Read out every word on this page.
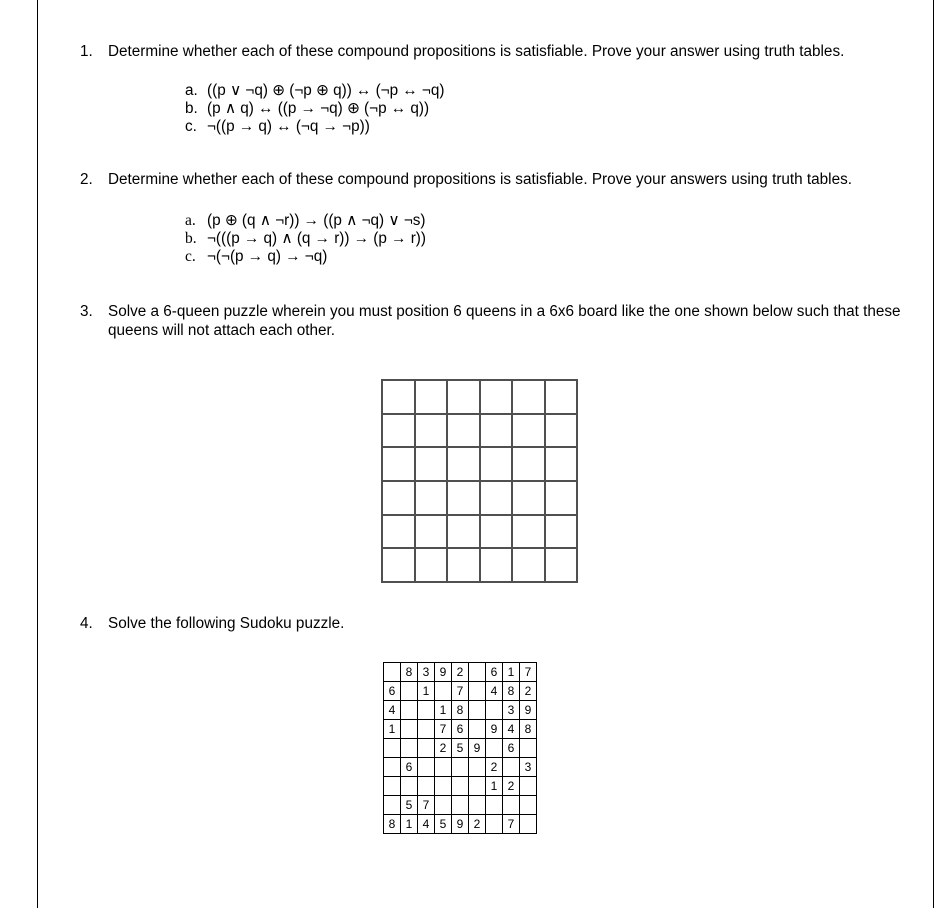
1. Determine whether each of these compound propositions is satisfiable. Prove your answer using truth tables.
a. ((p ∨ ¬q) ⊕ (¬p ⊕ q)) ↔ (¬p ↔ ¬q)
b. (p ∧ q) ↔ ((p → ¬q) ⊕ (¬p ↔ q))
c. ¬((p → q) ↔ (¬q → ¬p))
2. Determine whether each of these compound propositions is satisfiable. Prove your answers using truth tables.
a. (p ⊕ (q ∧ ¬r)) → ((p ∧ ¬q) ∨ ¬s)
b. ¬(((p → q) ∧ (q → r)) → (p → r))
c. ¬(¬(p → q) → ¬q)
3. Solve a 6-queen puzzle wherein you must position 6 queens in a 6x6 board like the one shown below such that these queens will not attach each other.
4. Solve the following Sudoku puzzle.
	8	3	9	2		6	1	7
6		1		7		4	8	2
4			1	8			3	9
1			7	6		9	4	8
			2	5	9		6	
	6					2		3
						1	2	
	5	7						
8	1	4	5	9	2		7	
